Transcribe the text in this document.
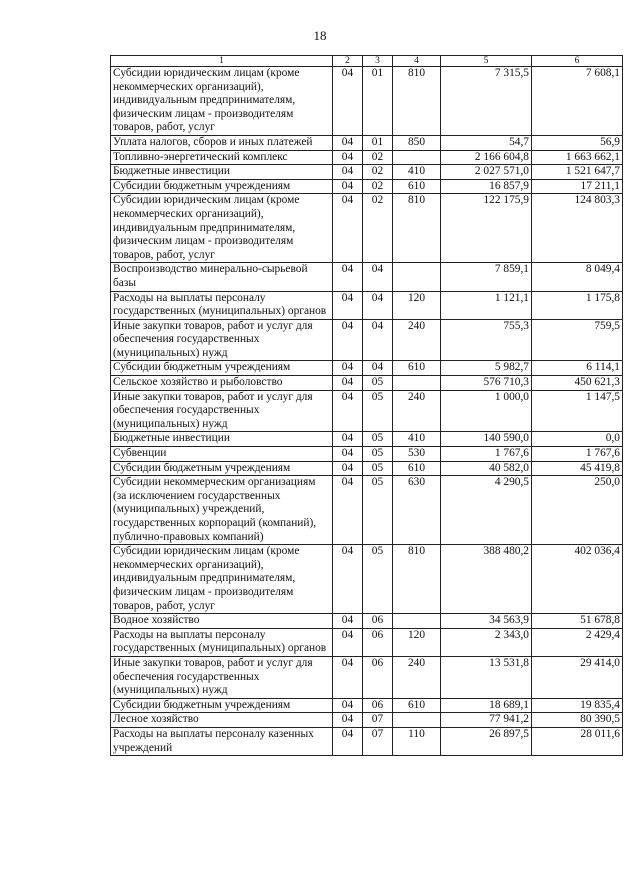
18
1	2	3	4	5	6
Субсидии юридическим лицам (кроме некоммерческих организаций), индивидуальным предпринимателям, физическим лицам - производителям товаров, работ, услуг	04	01	810	7 315,5	7 608,1
Уплата налогов, сборов и иных платежей	04	01	850	54,7	56,9
Топливно-энергетический комплекс	04	02		2 166 604,8	1 663 662,1
Бюджетные инвестиции	04	02	410	2 027 571,0	1 521 647,7
Субсидии бюджетным учреждениям	04	02	610	16 857,9	17 211,1
Субсидии юридическим лицам (кроме некоммерческих организаций), индивидуальным предпринимателям, физическим лицам - производителям товаров, работ, услуг	04	02	810	122 175,9	124 803,3
Воспроизводство минерально-сырьевой базы	04	04		7 859,1	8 049,4
Расходы на выплаты персоналу государственных (муниципальных) органов	04	04	120	1 121,1	1 175,8
Иные закупки товаров, работ и услуг для обеспечения государственных (муниципальных) нужд	04	04	240	755,3	759,5
Субсидии бюджетным учреждениям	04	04	610	5 982,7	6 114,1
Сельское хозяйство и рыболовство	04	05		576 710,3	450 621,3
Иные закупки товаров, работ и услуг для обеспечения государственных (муниципальных) нужд	04	05	240	1 000,0	1 147,5
Бюджетные инвестиции	04	05	410	140 590,0	0,0
Субвенции	04	05	530	1 767,6	1 767,6
Субсидии бюджетным учреждениям	04	05	610	40 582,0	45 419,8
Субсидии некоммерческим организациям (за исключением государственных (муниципальных) учреждений, государственных корпораций (компаний), публично-правовых компаний)	04	05	630	4 290,5	250,0
Субсидии юридическим лицам (кроме некоммерческих организаций), индивидуальным предпринимателям, физическим лицам - производителям товаров, работ, услуг	04	05	810	388 480,2	402 036,4
Водное хозяйство	04	06		34 563,9	51 678,8
Расходы на выплаты персоналу государственных (муниципальных) органов	04	06	120	2 343,0	2 429,4
Иные закупки товаров, работ и услуг для обеспечения государственных (муниципальных) нужд	04	06	240	13 531,8	29 414,0
Субсидии бюджетным учреждениям	04	06	610	18 689,1	19 835,4
Лесное хозяйство	04	07		77 941,2	80 390,5
Расходы на выплаты персоналу казенных учреждений	04	07	110	26 897,5	28 011,6
